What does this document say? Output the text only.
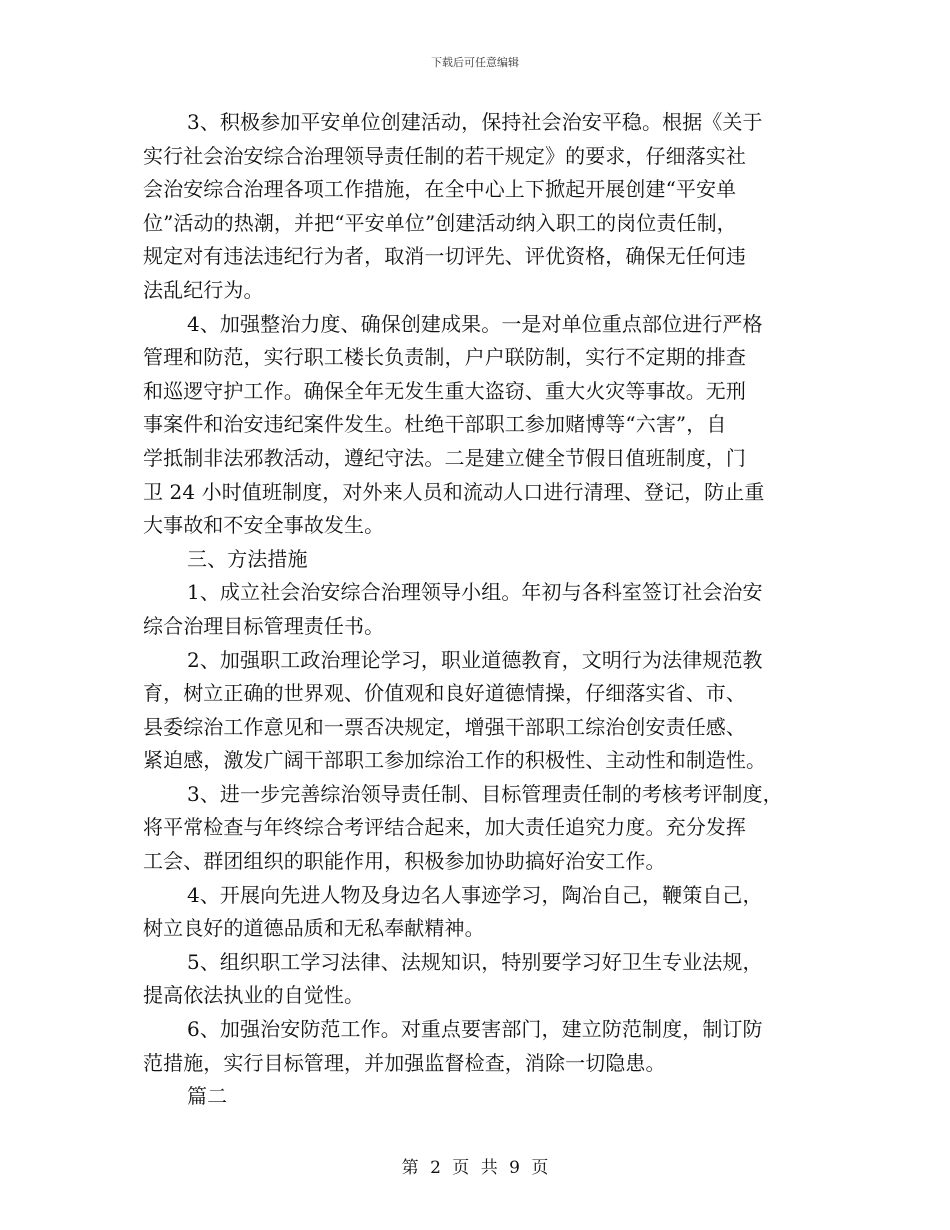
下载后可任意编辑
3、积极参加平安单位创建活动，保持社会治安平稳。根据《关于
实行社会治安综合治理领导责任制的若干规定》的要求，仔细落实社
会治安综合治理各项工作措施，在全中心上下掀起开展创建“平安单
位”活动的热潮，并把“平安单位”创建活动纳入职工的岗位责任制，
规定对有违法违纪行为者，取消一切评先、评优资格，确保无任何违
法乱纪行为。
4、加强整治力度、确保创建成果。一是对单位重点部位进行严格
管理和防范，实行职工楼长负责制，户户联防制，实行不定期的排查
和巡逻守护工作。确保全年无发生重大盗窃、重大火灾等事故。无刑
事案件和治安违纪案件发生。杜绝干部职工参加赌博等“六害”，自
学抵制非法邪教活动，遵纪守法。二是建立健全节假日值班制度，门
卫 24 小时值班制度，对外来人员和流动人口进行清理、登记，防止重
大事故和不安全事故发生。
三、方法措施
1、成立社会治安综合治理领导小组。年初与各科室签订社会治安
综合治理目标管理责任书。
2、加强职工政治理论学习，职业道德教育，文明行为法律规范教
育，树立正确的世界观、价值观和良好道德情操，仔细落实省、市、
县委综治工作意见和一票否决规定，增强干部职工综治创安责任感、
紧迫感，激发广阔干部职工参加综治工作的积极性、主动性和制造性。
3、进一步完善综治领导责任制、目标管理责任制的考核考评制度，
将平常检查与年终综合考评结合起来，加大责任追究力度。充分发挥
工会、群团组织的职能作用，积极参加协助搞好治安工作。
4、开展向先进人物及身边名人事迹学习，陶冶自己，鞭策自己，
树立良好的道德品质和无私奉献精神。
5、组织职工学习法律、法规知识，特别要学习好卫生专业法规，
提高依法执业的自觉性。
6、加强治安防范工作。对重点要害部门，建立防范制度，制订防
范措施，实行目标管理，并加强监督检查，消除一切隐患。
篇二
第 2 页 共 9 页
